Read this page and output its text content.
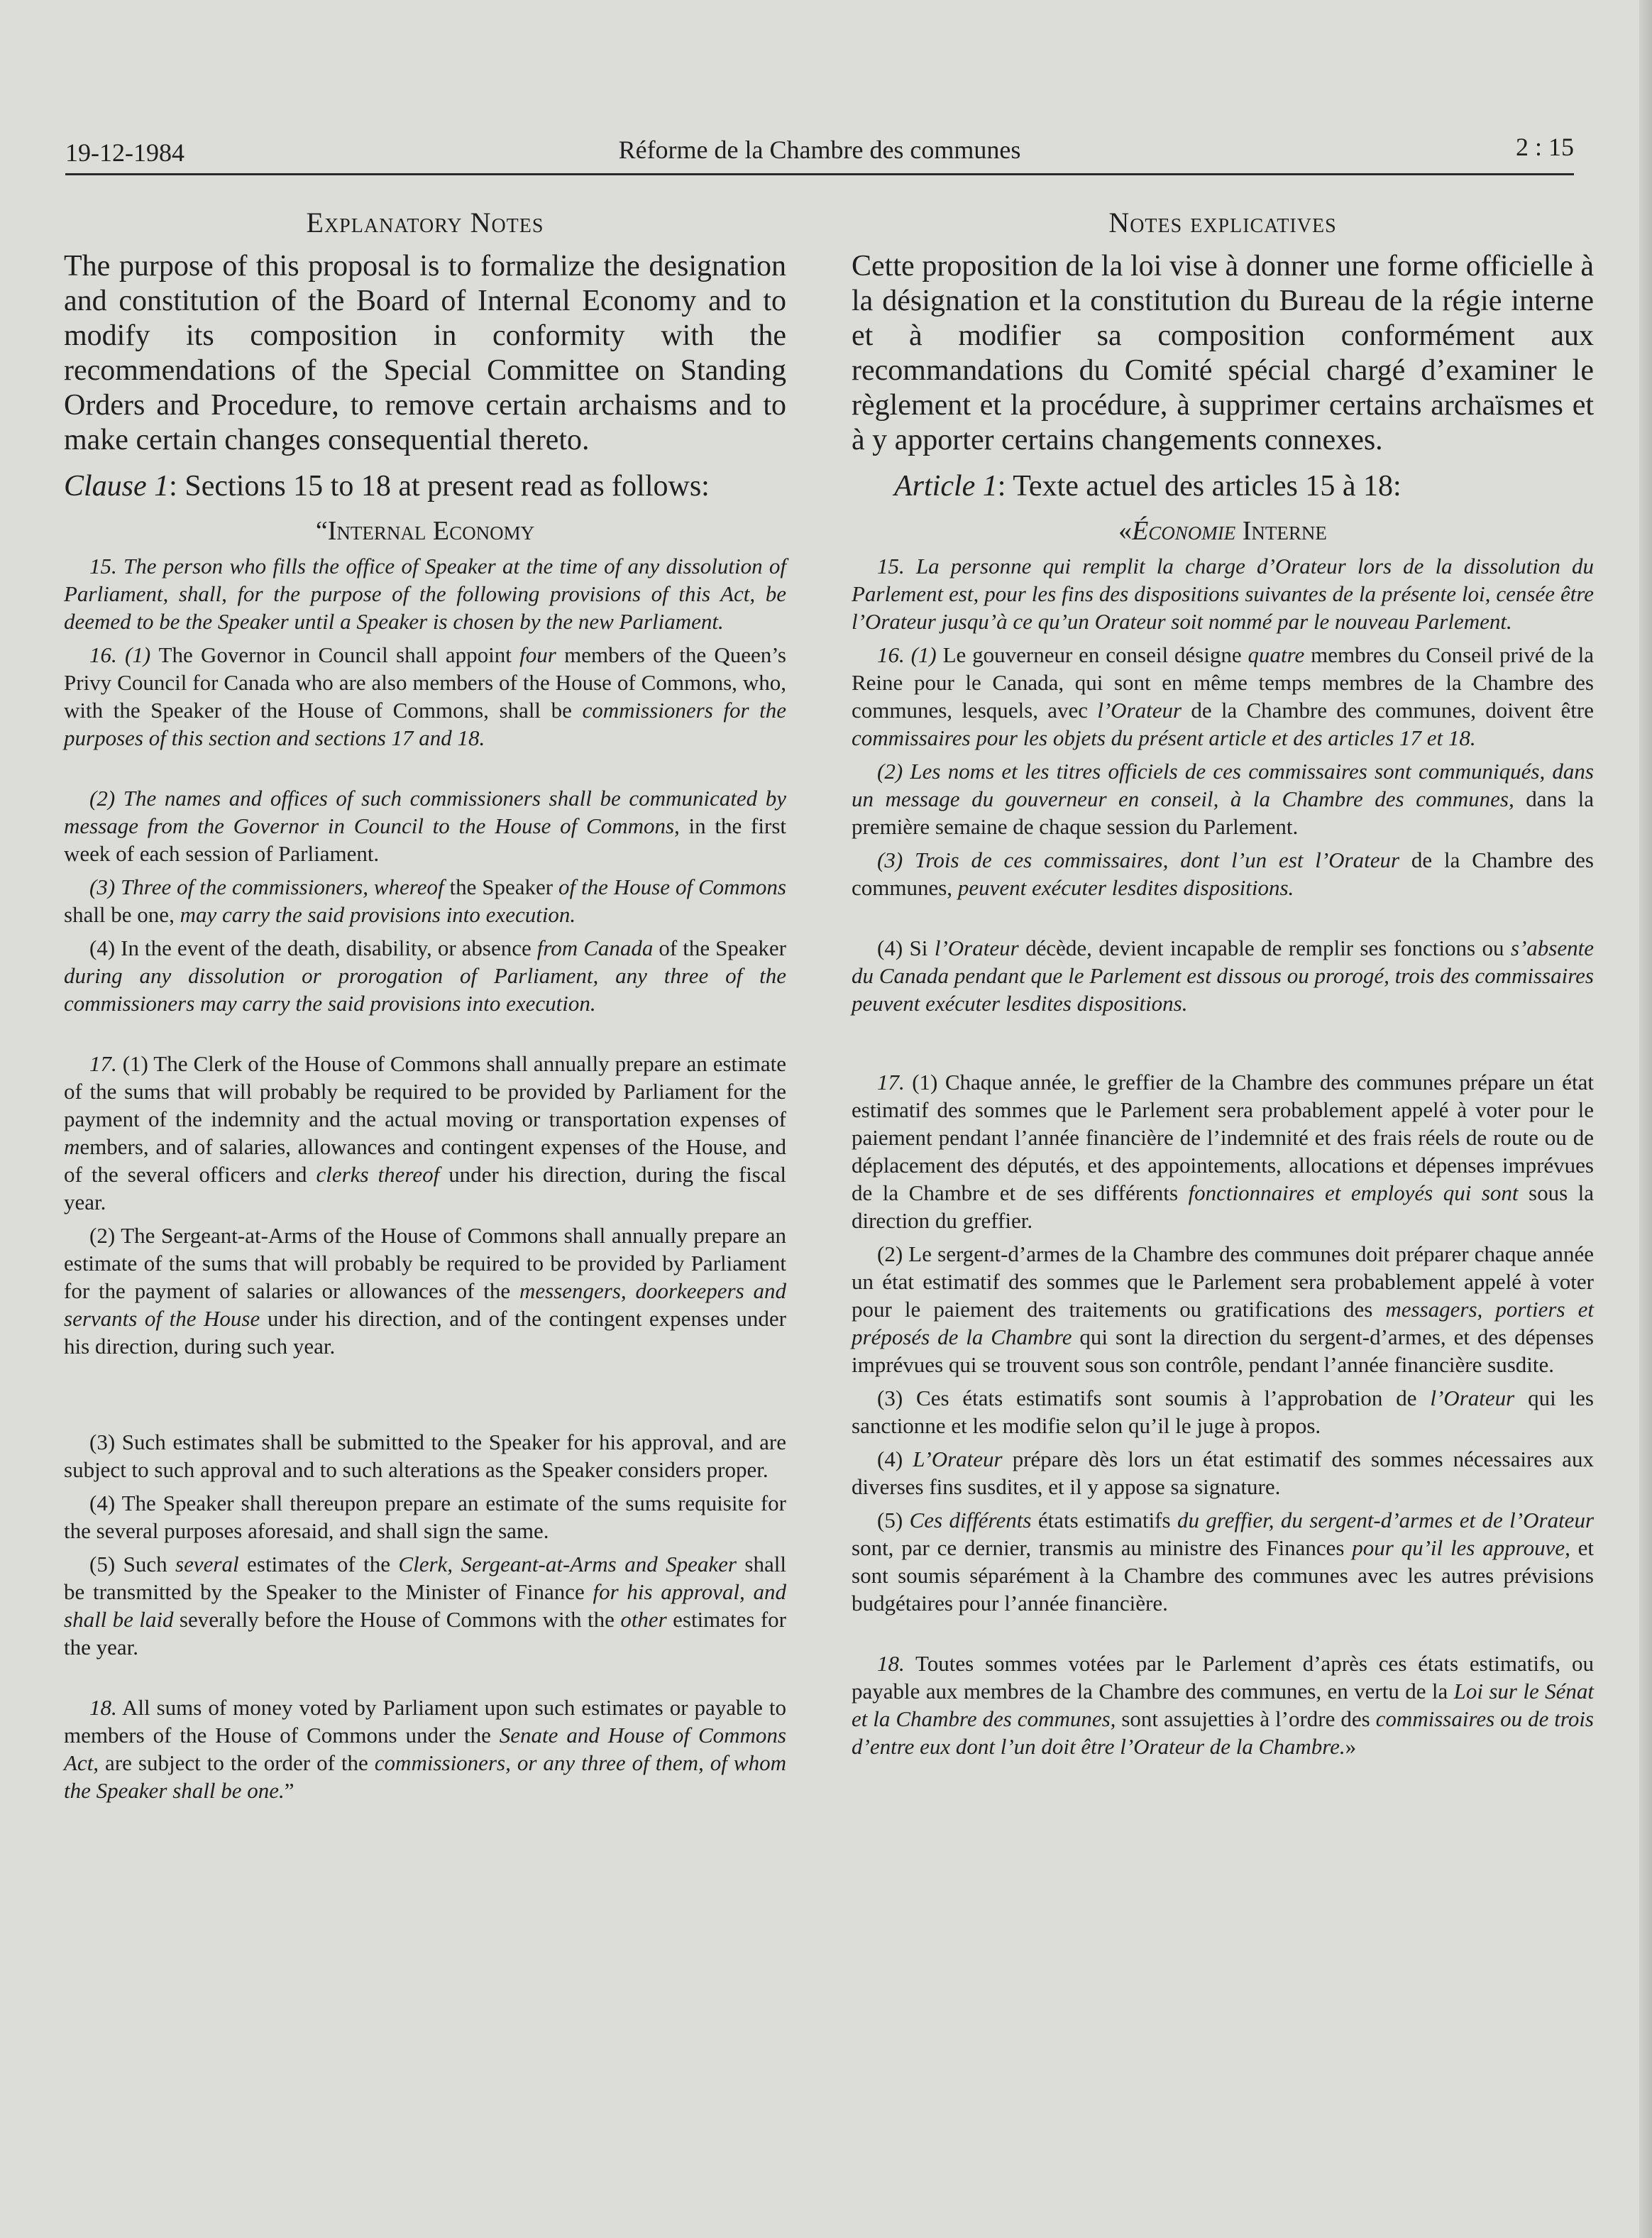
19-12-1984	Réforme de la Chambre des communes	2 : 15

Explanatory Notes

The purpose of this proposal is to formalize the designation and constitution of the Board of Internal Economy and to modify its composition in conformity with the recommendations of the Special Committee on Standing Orders and Procedure, to remove certain archaisms and to make certain changes consequential thereto.

Clause 1: Sections 15 to 18 at present read as follows:

“Internal Economy

15. The person who fills the office of Speaker at the time of any dissolution of Parliament, shall, for the purpose of the following provisions of this Act, be deemed to be the Speaker until a Speaker is chosen by the new Parliament.

16. (1) The Governor in Council shall appoint four members of the Queen’s Privy Council for Canada who are also members of the House of Commons, who, with the Speaker of the House of Commons, shall be commissioners for the purposes of this section and sections 17 and 18.

(2) The names and offices of such commissioners shall be communicated by message from the Governor in Council to the House of Commons, in the first week of each session of Parliament.

(3) Three of the commissioners, whereof the Speaker of the House of Commons shall be one, may carry the said provisions into execution.

(4) In the event of the death, disability, or absence from Canada of the Speaker during any dissolution or prorogation of Parliament, any three of the commissioners may carry the said provisions into execution.

17. (1) The Clerk of the House of Commons shall annually prepare an estimate of the sums that will probably be required to be provided by Parliament for the payment of the indemnity and the actual moving or transportation expenses of members, and of salaries, allowances and contingent expenses of the House, and of the several officers and clerks thereof under his direction, during the fiscal year.

(2) The Sergeant-at-Arms of the House of Commons shall annually prepare an estimate of the sums that will probably be required to be provided by Parliament for the payment of salaries or allowances of the messengers, doorkeepers and servants of the House under his direction, and of the contingent expenses under his direction, during such year.

(3) Such estimates shall be submitted to the Speaker for his approval, and are subject to such approval and to such alterations as the Speaker considers proper.

(4) The Speaker shall thereupon prepare an estimate of the sums requisite for the several purposes aforesaid, and shall sign the same.

(5) Such several estimates of the Clerk, Sergeant-at-Arms and Speaker shall be transmitted by the Speaker to the Minister of Finance for his approval, and shall be laid severally before the House of Commons with the other estimates for the year.

18. All sums of money voted by Parliament upon such estimates or payable to members of the House of Commons under the Senate and House of Commons Act, are subject to the order of the commissioners, or any three of them, of whom the Speaker shall be one.”

Notes explicatives

Cette proposition de la loi vise à donner une forme officielle à la désignation et la constitution du Bureau de la régie interne et à modifier sa composition conformément aux recommandations du Comité spécial chargé d’examiner le règlement et la procédure, à supprimer certains archaïsmes et à y apporter certains changements connexes.

Article 1: Texte actuel des articles 15 à 18:

«Économie Interne

15. La personne qui remplit la charge d’Orateur lors de la dissolution du Parlement est, pour les fins des dispositions suivantes de la présente loi, censée être l’Orateur jusqu’à ce qu’un Orateur soit nommé par le nouveau Parlement.

16. (1) Le gouverneur en conseil désigne quatre membres du Conseil privé de la Reine pour le Canada, qui sont en même temps membres de la Chambre des communes, lesquels, avec l’Orateur de la Chambre des communes, doivent être commissaires pour les objets du présent article et des articles 17 et 18.

(2) Les noms et les titres officiels de ces commissaires sont communiqués, dans un message du gouverneur en conseil, à la Chambre des communes, dans la première semaine de chaque session du Parlement.

(3) Trois de ces commissaires, dont l’un est l’Orateur de la Chambre des communes, peuvent exécuter lesdites dispositions.

(4) Si l’Orateur décède, devient incapable de remplir ses fonctions ou s’absente du Canada pendant que le Parlement est dissous ou prorogé, trois des commissaires peuvent exécuter lesdites dispositions.

17. (1) Chaque année, le greffier de la Chambre des communes prépare un état estimatif des sommes que le Parlement sera probablement appelé à voter pour le paiement pendant l’année financière de l’indemnité et des frais réels de route ou de déplacement des députés, et des appointements, allocations et dépenses imprévues de la Chambre et de ses différents fonctionnaires et employés qui sont sous la direction du greffier.

(2) Le sergent-d’armes de la Chambre des communes doit préparer chaque année un état estimatif des sommes que le Parlement sera probablement appelé à voter pour le paiement des traitements ou gratifications des messagers, portiers et préposés de la Chambre qui sont la direction du sergent-d’armes, et des dépenses imprévues qui se trouvent sous son contrôle, pendant l’année financière susdite.

(3) Ces états estimatifs sont soumis à l’approbation de l’Orateur qui les sanctionne et les modifie selon qu’il le juge à propos.

(4) L’Orateur prépare dès lors un état estimatif des sommes nécessaires aux diverses fins susdites, et il y appose sa signature.

(5) Ces différents états estimatifs du greffier, du sergent-d’armes et de l’Orateur sont, par ce dernier, transmis au ministre des Finances pour qu’il les approuve, et sont soumis séparément à la Chambre des communes avec les autres prévisions budgétaires pour l’année financière.

18. Toutes sommes votées par le Parlement d’après ces états estimatifs, ou payable aux membres de la Chambre des communes, en vertu de la Loi sur le Sénat et la Chambre des communes, sont assujetties à l’ordre des commissaires ou de trois d’entre eux dont l’un doit être l’Orateur de la Chambre.»
